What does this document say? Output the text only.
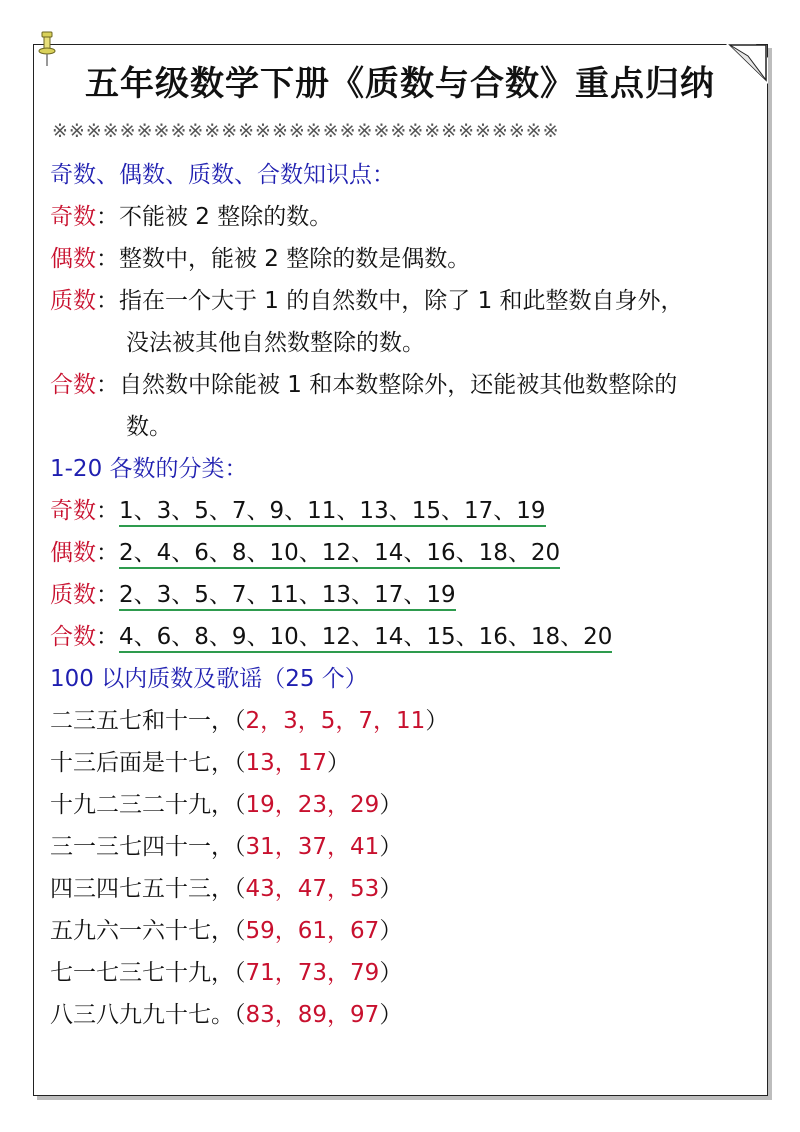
五年级数学下册《质数与合数》重点归纳
※※※※※※※※※※※※※※※※※※※※※※※※※※※※※※
奇数、偶数、质数、合数知识点：
奇数：不能被 2 整除的数。
偶数：整数中，能被 2 整除的数是偶数。
质数：指在一个大于 1 的自然数中，除了 1 和此整数自身外，
没法被其他自然数整除的数。
合数：自然数中除能被 1 和本数整除外，还能被其他数整除的
数。
1-20 各数的分类：
奇数：1、3、5、7、9、11、13、15、17、19
偶数：2、4、6、8、10、12、14、16、18、20
质数：2、3、5、7、11、13、17、19
合数：4、6、8、9、10、12、14、15、16、18、20
100 以内质数及歌谣（25 个）
二三五七和十一，（2，3，5，7，11）
十三后面是十七，（13，17）
十九二三二十九，（19，23，29）
三一三七四十一，（31，37，41）
四三四七五十三，（43，47，53）
五九六一六十七，（59，61，67）
七一七三七十九，（71，73，79）
八三八九九十七。（83，89，97）
